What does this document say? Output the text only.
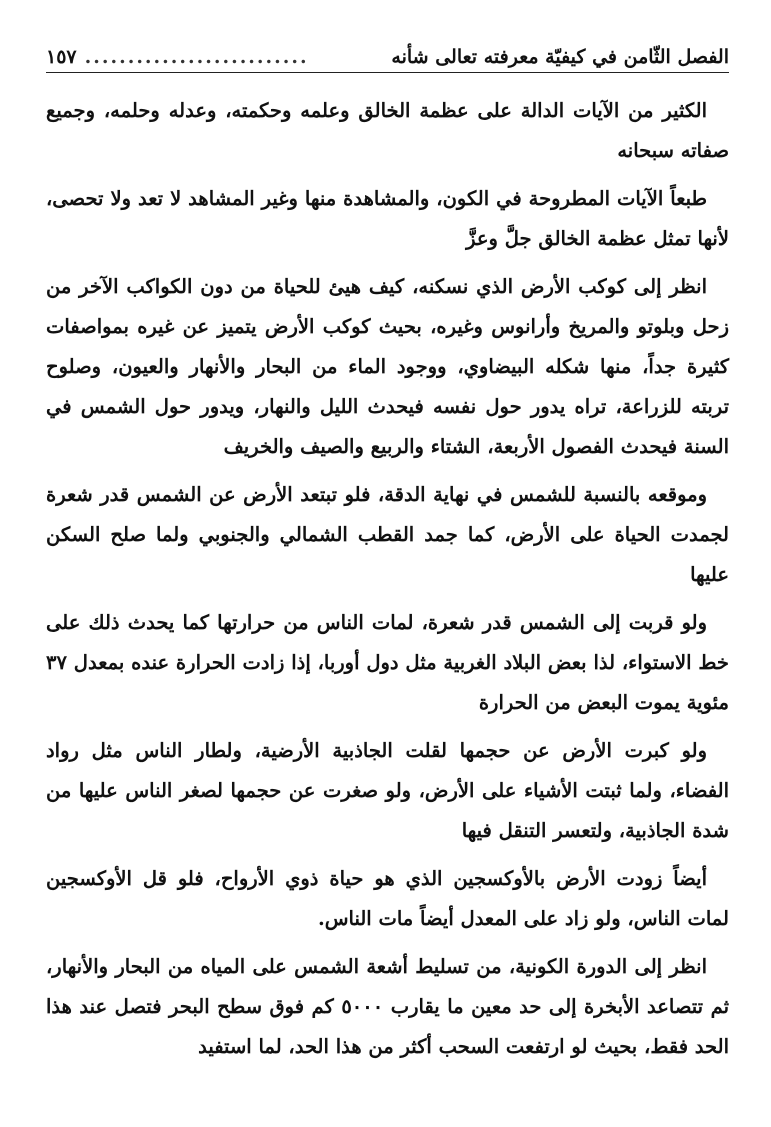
الفصل الثّامن في كيفيّة معرفته تعالى شأنه
..........................
١٥٧

الكثير من الآيات الدالة على عظمة الخالق وعلمه وحكمته، وعدله وحلمه، وجميع صفاته سبحانه

طبعاً الآيات المطروحة في الكون، والمشاهدة منها وغير المشاهد لا تعد ولا تحصى، لأنها تمثل عظمة الخالق جلَّ وعزَّ

انظر إلى كوكب الأرض الذي نسكنه، كيف هيئ للحياة من دون الكواكب الآخر من زحل وبلوتو والمريخ وأرانوس وغيره، بحيث كوكب الأرض يتميز عن غيره بمواصفات كثيرة جداً، منها شكله البيضاوي، ووجود الماء من البحار والأنهار والعيون، وصلوح تربته للزراعة، تراه يدور حول نفسه فيحدث الليل والنهار، ويدور حول الشمس في السنة فيحدث الفصول الأربعة، الشتاء والربيع والصيف والخريف

وموقعه بالنسبة للشمس في نهاية الدقة، فلو تبتعد الأرض عن الشمس قدر شعرة لجمدت الحياة على الأرض، كما جمد القطب الشمالي والجنوبي ولما صلح السكن عليها

ولو قربت إلى الشمس قدر شعرة، لمات الناس من حرارتها كما يحدث ذلك على خط الاستواء، لذا بعض البلاد الغربية مثل دول أوربا، إذا زادت الحرارة عنده بمعدل ٣٧ مئوية يموت البعض من الحرارة

ولو كبرت الأرض عن حجمها لقلت الجاذبية الأرضية، ولطار الناس مثل رواد الفضاء، ولما ثبتت الأشياء على الأرض، ولو صغرت عن حجمها لصغر الناس عليها من شدة الجاذبية، ولتعسر التنقل فيها

أيضاً زودت الأرض بالأوكسجين الذي هو حياة ذوي الأرواح، فلو قل الأوكسجين لمات الناس، ولو زاد على المعدل أيضاً مات الناس.

انظر إلى الدورة الكونية، من تسليط أشعة الشمس على المياه من البحار والأنهار، ثم تتصاعد الأبخرة إلى حد معين ما يقارب ٥٠٠٠ كم فوق سطح البحر فتصل عند هذا الحد فقط، بحيث لو ارتفعت السحب أكثر من هذا الحد، لما استفيد
